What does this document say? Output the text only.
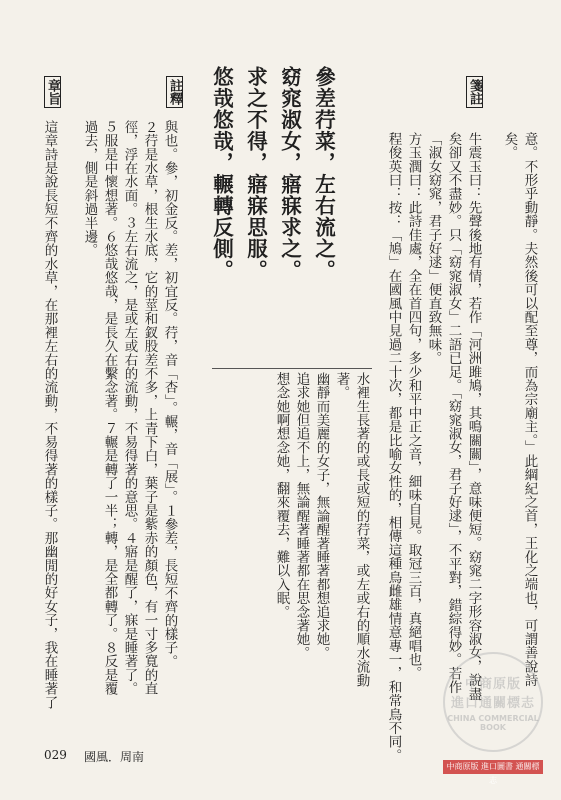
箋註
意。不形乎動靜。夫然後可以配至尊，而為宗廟主。」此綱紀之首，王化之端也，可謂善說詩
矣。
牛震玉曰：先聲後地有情，若作「河洲雎鳩，其鳴關關」，意味便短。窈窕二字形容淑女，說盡
矣卻又不盡妙。只「窈窕淑女」二語已足。「窈窕淑女，君子好逑」，不平對，錯綜得妙。若作
「淑女窈窕，君子好逑」便直致無味。
方玉潤曰：此詩佳處，全在首四句，多少和平中正之音，細味自見。取冠三百，真絕唱也。
程俊英曰：按：「鳩」在國風中見過二十次，都是比喻女性的，相傳這種鳥雌雄情意專一，和常鳥不同。
參差荇菜，左右流之。
窈窕淑女，寤寐求之。
求之不得，寤寐思服。
悠哉悠哉，輾轉反側。
水裡生長著的或長或短的荇菜，或左或右的順水流動
著。
幽靜而美麗的女子，無論醒著睡著都想追求她。
追求她但追不上，無論醒著睡著都在思念著她。
想念她啊想念她，翻來覆去，難以入眠。
註釋
與也。參，初金反。差，初宜反。荇，音「杏」。輾，音「展」。１參差，長短不齊的樣子。
２荇是水草，根生水底，它的莖和釵股差不多，上青下白，葉子是紫赤的顏色，有一寸多寬的直
徑，浮在水面。３左右流之，是或左或右的流動，不易得著的意思。４寤是醒了，寐是睡著了。
５服是中懷想著。６悠哉悠哉，是長久在繫念著。７輾是轉了一半；轉，是全都轉了。８反是覆
過去，側是斜過半邊。
章旨
這章詩是說長短不齊的水草，在那裡左右的流動，不易得著的樣子。那幽閒的好女子，我在睡著了
029 國風．周南
中商原版
進口通關標志
CHINA COMMERCIAL BOOK
中商原版 進口圖書 通關標志
